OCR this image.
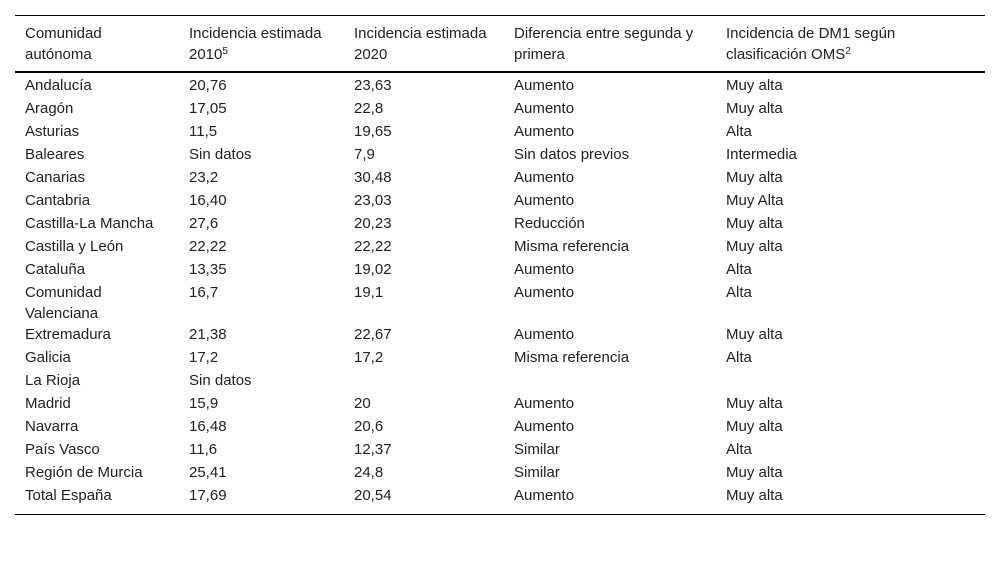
Comunidad autónoma	Incidencia estimada 2010$^5$	Incidencia estimada 2020	Diferencia entre segunda y primera	Incidencia de DM1 según clasificación OMS$^2$
Andalucía	20,76	23,63	Aumento	Muy alta
Aragón	17,05	22,8	Aumento	Muy alta
Asturias	11,5	19,65	Aumento	Alta
Baleares	Sin datos	7,9	Sin datos previos	Intermedia
Canarias	23,2	30,48	Aumento	Muy alta
Cantabria	16,40	23,03	Aumento	Muy Alta
Castilla-La Mancha	27,6	20,23	Reducción	Muy alta
Castilla y León	22,22	22,22	Misma referencia	Muy alta
Cataluña	13,35	19,02	Aumento	Alta
Comunidad Valenciana	16,7	19,1	Aumento	Alta
Extremadura	21,38	22,67	Aumento	Muy alta
Galicia	17,2	17,2	Misma referencia	Alta
La Rioja	Sin datos			
Madrid	15,9	20	Aumento	Muy alta
Navarra	16,48	20,6	Aumento	Muy alta
País Vasco	11,6	12,37	Similar	Alta
Región de Murcia	25,41	24,8	Similar	Muy alta
Total España	17,69	20,54	Aumento	Muy alta
